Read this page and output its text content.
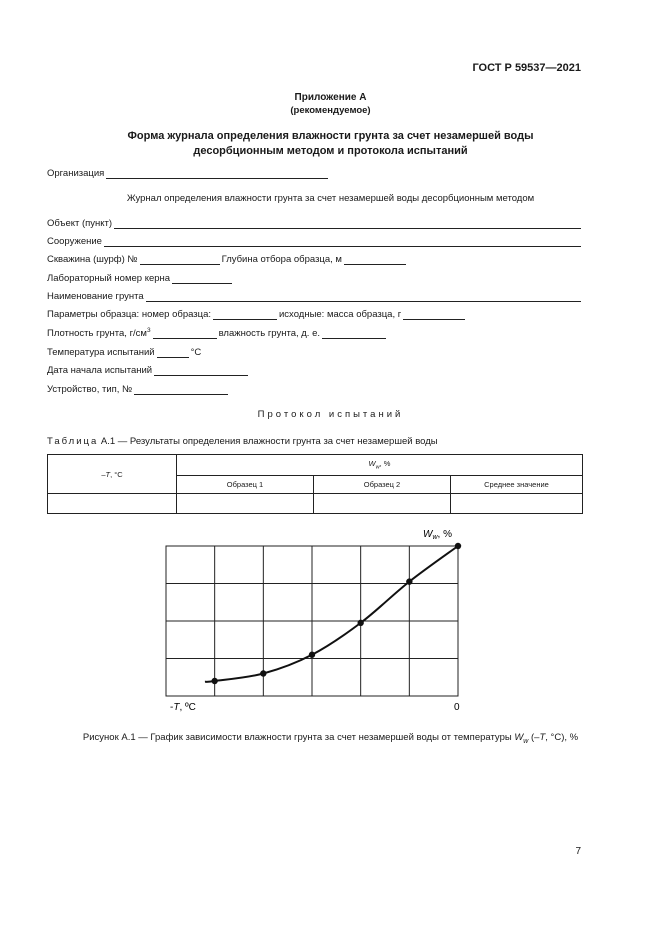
ГОСТ Р 59537—2021
Приложение А
(рекомендуемое)
Форма журнала определения влажности грунта за счет незамершей воды
десорбционным методом и протокола испытаний
Организация
Журнал определения влажности грунта за счет незамершей воды десорбционным методом
Объект (пункт)
Сооружение
Скважина (шурф) №	Глубина отбора образца, м
Лабораторный номер керна
Наименование грунта
Параметры образца: номер образца:	исходные: масса образца, г
Плотность грунта, $г/см^3$	влажность грунта, д. е.
Температура испытаний	°С
Дата начала испытаний
Устройство, тип, №
Протокол испытаний
Таблица А.1 — Результаты определения влажности грунта за счет незамершей воды
–T, °С	$W_w$, %		
	Образец 1	Образец 2	Среднее значение

$W_w$, %
-T, ºС	0
Рисунок А.1 — График зависимости влажности грунта за счет незамершей воды от температуры $W_w$ (–T, °С), %
7
